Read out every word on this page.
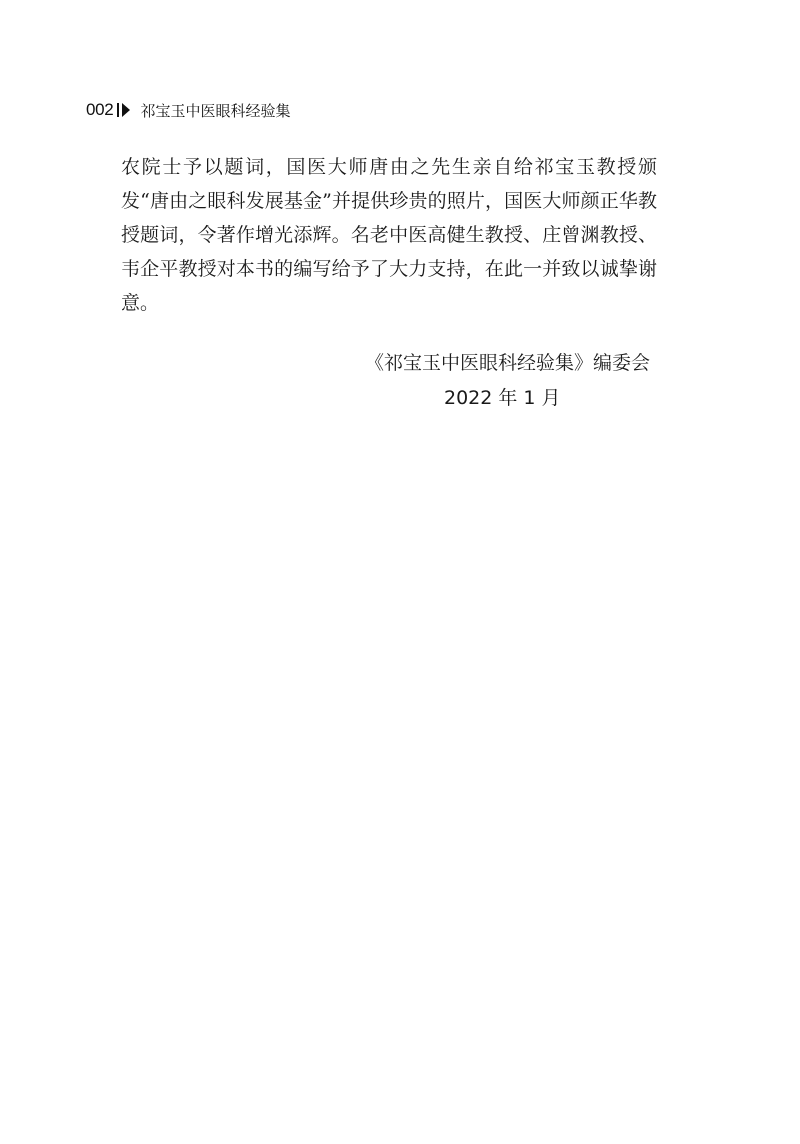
002 祁宝玉中医眼科经验集

农院士予以题词，国医大师唐由之先生亲自给祁宝玉教授颁发“唐由之眼科发展基金”并提供珍贵的照片，国医大师颜正华教授题词，令著作增光添辉。名老中医高健生教授、庄曾渊教授、韦企平教授对本书的编写给予了大力支持，在此一并致以诚挚谢意。

《祁宝玉中医眼科经验集》编委会
2022 年 1 月
